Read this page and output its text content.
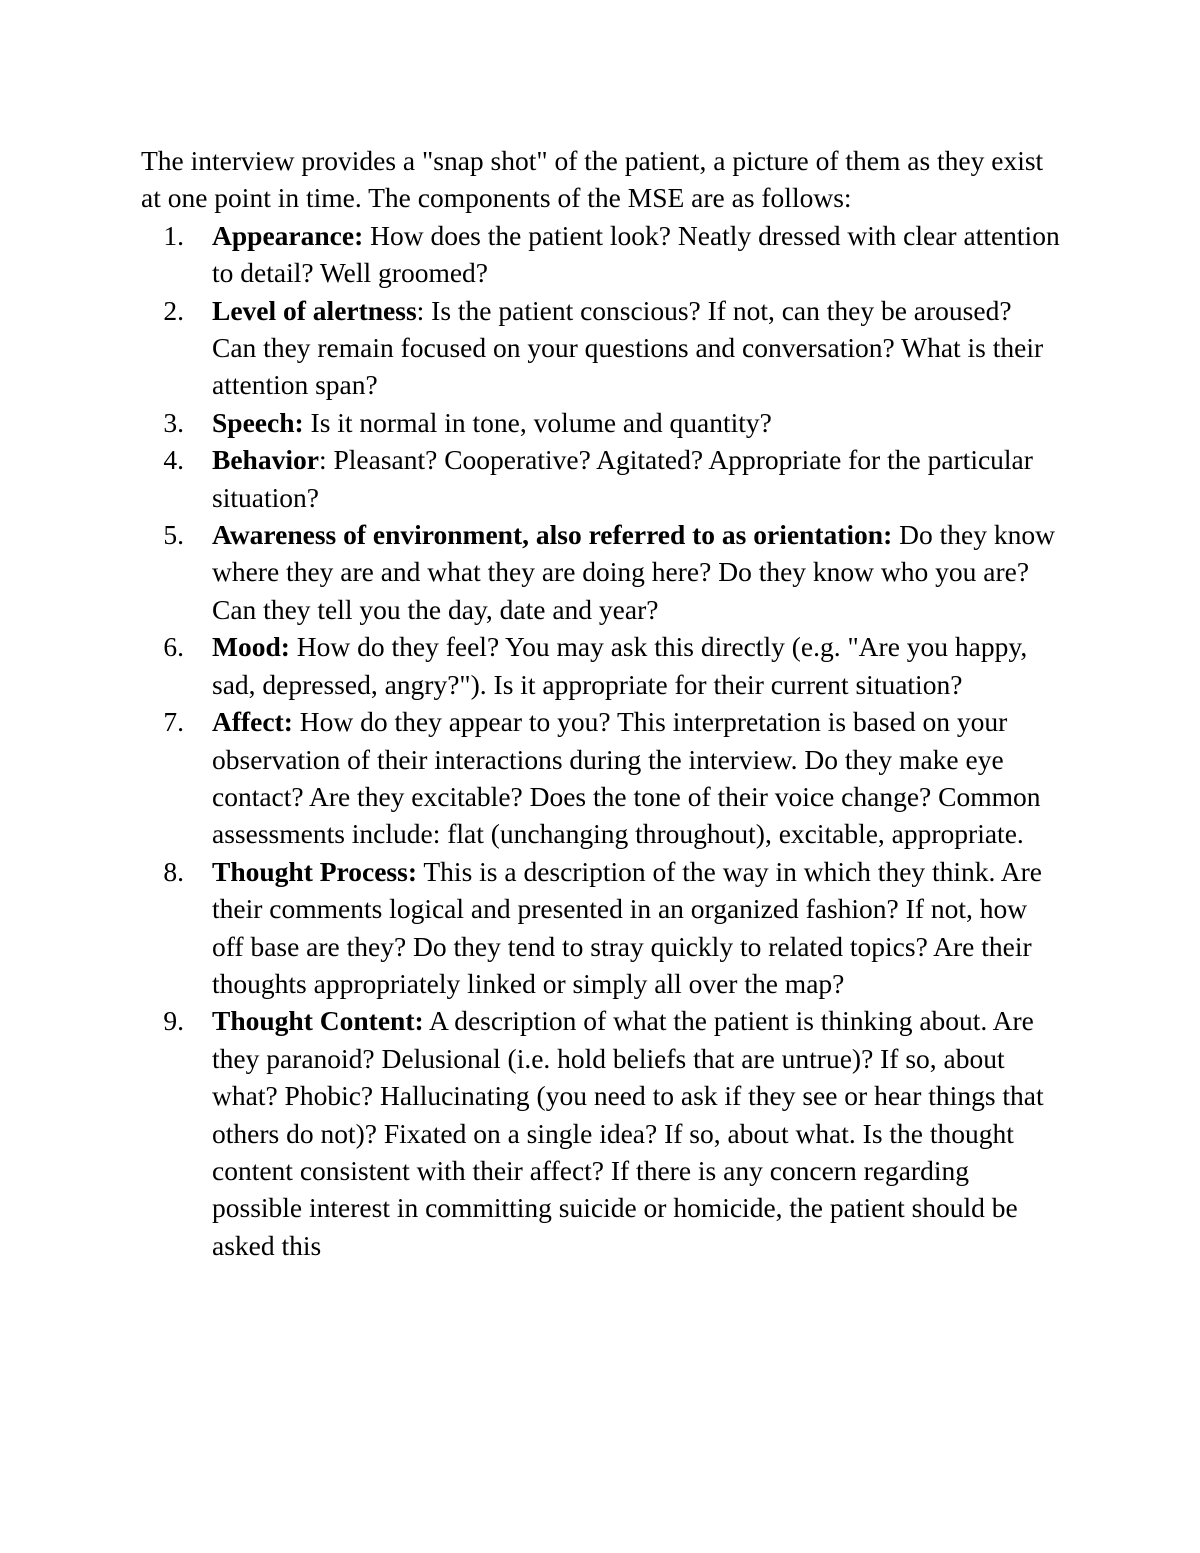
The interview provides a "snap shot" of the patient, a picture of them as they exist at one point in time. The components of the MSE are as follows:

1. Appearance: How does the patient look? Neatly dressed with clear attention to detail? Well groomed?
2. Level of alertness: Is the patient conscious? If not, can they be aroused? Can they remain focused on your questions and conversation? What is their attention span?
3. Speech: Is it normal in tone, volume and quantity?
4. Behavior: Pleasant? Cooperative? Agitated? Appropriate for the particular situation?
5. Awareness of environment, also referred to as orientation: Do they know where they are and what they are doing here? Do they know who you are? Can they tell you the day, date and year?
6. Mood: How do they feel? You may ask this directly (e.g. "Are you happy, sad, depressed, angry?"). Is it appropriate for their current situation?
7. Affect: How do they appear to you? This interpretation is based on your observation of their interactions during the interview. Do they make eye contact? Are they excitable? Does the tone of their voice change? Common assessments include: flat (unchanging throughout), excitable, appropriate.
8. Thought Process: This is a description of the way in which they think. Are their comments logical and presented in an organized fashion? If not, how off base are they? Do they tend to stray quickly to related topics? Are their thoughts appropriately linked or simply all over the map?
9. Thought Content: A description of what the patient is thinking about. Are they paranoid? Delusional (i.e. hold beliefs that are untrue)? If so, about what? Phobic? Hallucinating (you need to ask if they see or hear things that others do not)? Fixated on a single idea? If so, about what. Is the thought content consistent with their affect? If there is any concern regarding possible interest in committing suicide or homicide, the patient should be asked this
